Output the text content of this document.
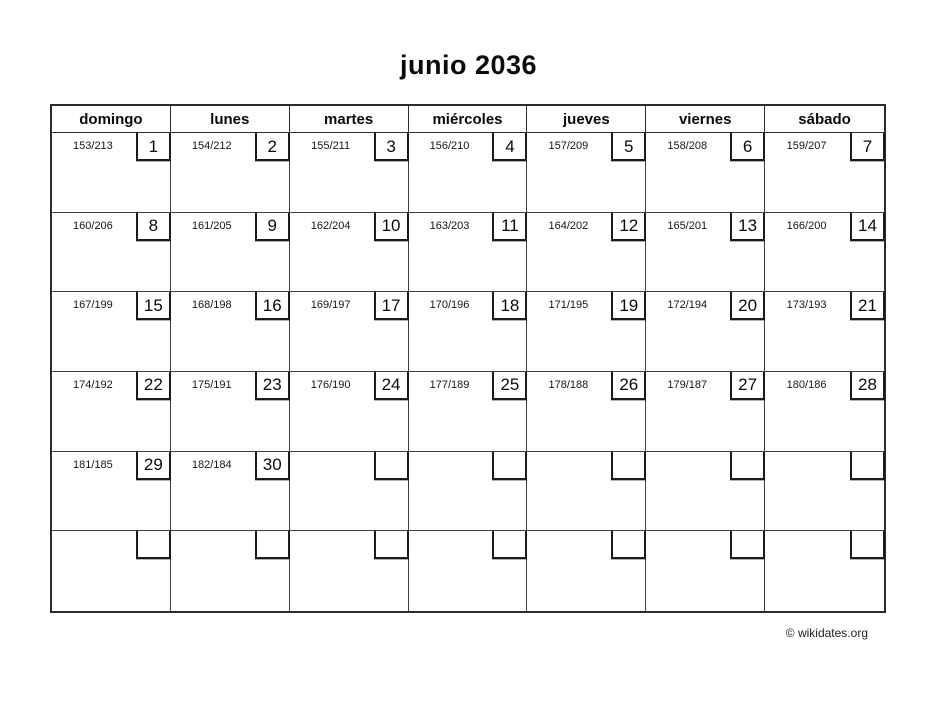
junio 2036
domingo	lunes	martes	miércoles	jueves	viernes	sábado
153/213	1	154/212	2	155/211	3	156/210	4	157/209	5	158/208	6	159/207	7
160/206	8	161/205	9	162/204	10	163/203	11	164/202	12	165/201	13	166/200	14
167/199	15	168/198	16	169/197	17	170/196	18	171/195	19	172/194	20	173/193	21
174/192	22	175/191	23	176/190	24	177/189	25	178/188	26	179/187	27	180/186	28
181/185	29	182/184	30
© wikidates.org
